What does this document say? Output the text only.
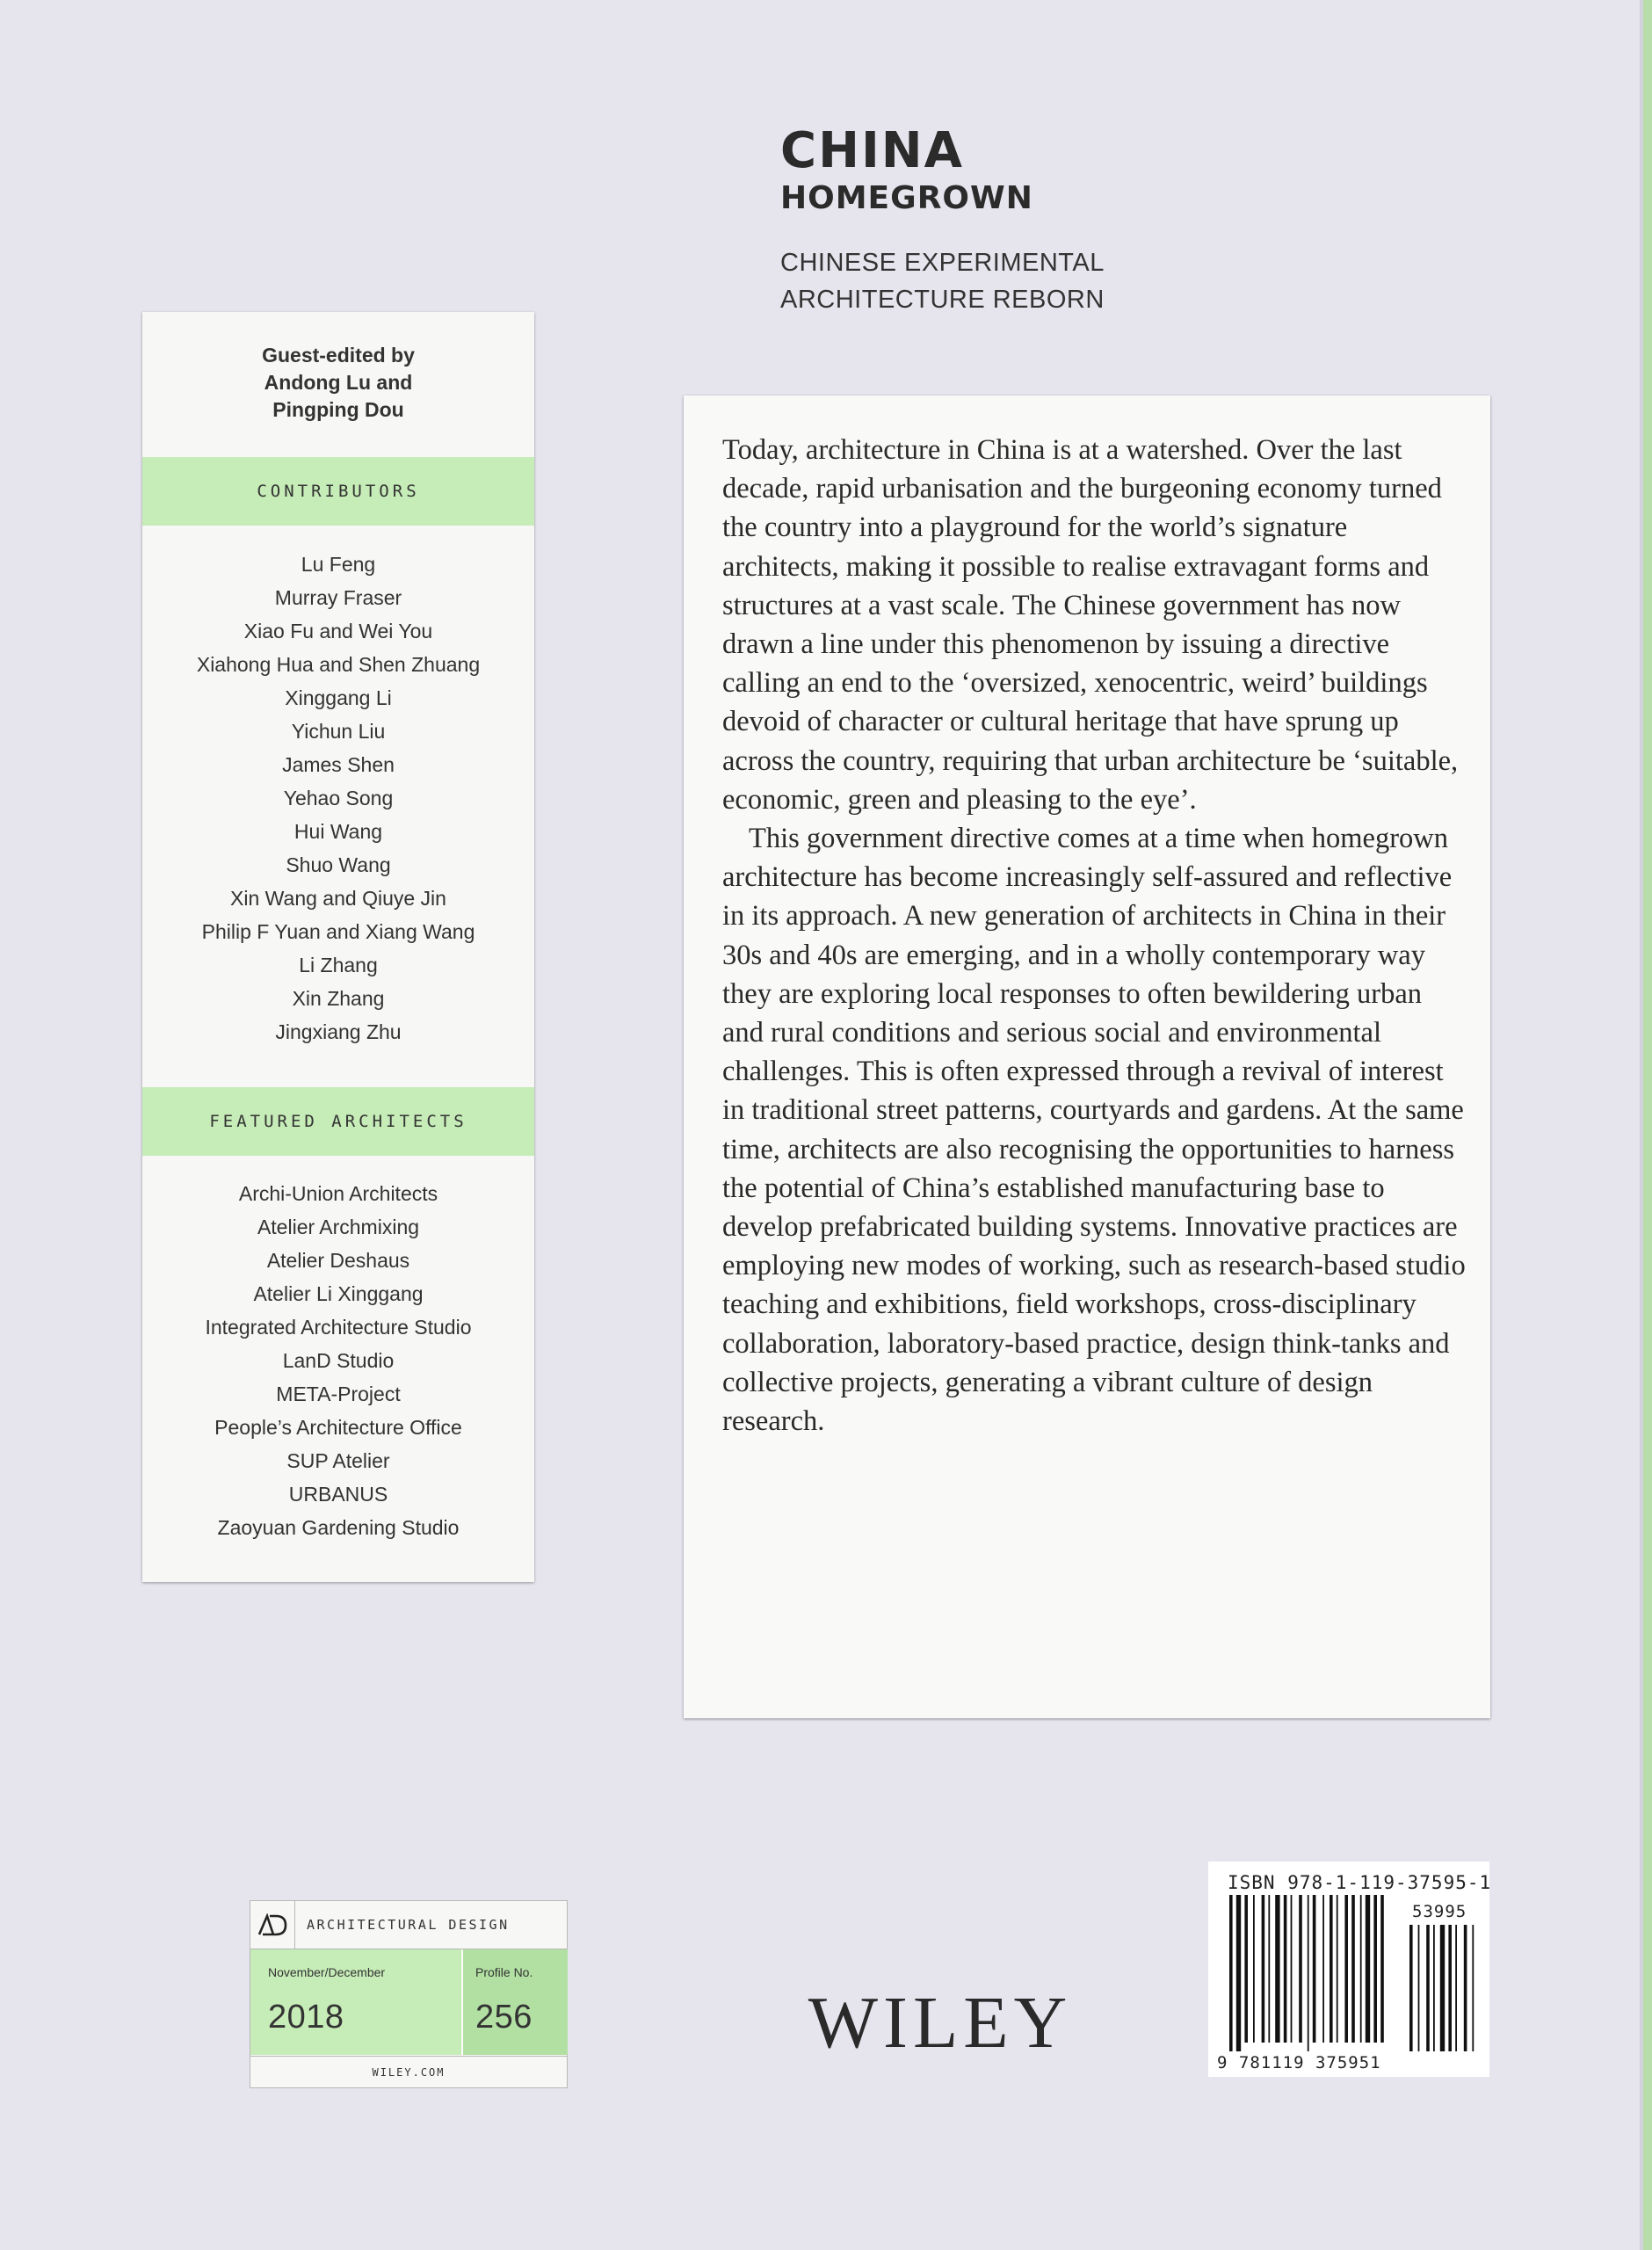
CHINA
HOMEGROWN
CHINESE EXPERIMENTAL
ARCHITECTURE REBORN
Guest-edited by
Andong Lu and
Pingping Dou
CONTRIBUTORS
Lu Feng
Murray Fraser
Xiao Fu and Wei You
Xiahong Hua and Shen Zhuang
Xinggang Li
Yichun Liu
James Shen
Yehao Song
Hui Wang
Shuo Wang
Xin Wang and Qiuye Jin
Philip F Yuan and Xiang Wang
Li Zhang
Xin Zhang
Jingxiang Zhu
FEATURED ARCHITECTS
Archi-Union Architects
Atelier Archmixing
Atelier Deshaus
Atelier Li Xinggang
Integrated Architecture Studio
LanD Studio
META-Project
People’s Architecture Office
SUP Atelier
URBANUS
Zaoyuan Gardening Studio

Today, architecture in China is at a watershed. Over the last decade, rapid urbanisation and the burgeoning economy turned the country into a playground for the world’s signature architects, making it possible to realise extravagant forms and structures at a vast scale. The Chinese government has now drawn a line under this phenomenon by issuing a directive calling an end to the ‘oversized, xenocentric, weird’ buildings devoid of character or cultural heritage that have sprung up across the country, requiring that urban architecture be ‘suitable, economic, green and pleasing to the eye’.

This government directive comes at a time when homegrown architecture has become increasingly self-assured and reflective in its approach. A new generation of architects in China in their 30s and 40s are emerging, and in a wholly contemporary way they are exploring local responses to often bewildering urban and rural conditions and serious social and environmental challenges. This is often expressed through a revival of interest in traditional street patterns, courtyards and gardens. At the same time, architects are also recognising the opportunities to harness the potential of China’s established manufacturing base to develop prefabricated building systems. Innovative practices are employing new modes of working, such as research-based studio teaching and exhibitions, field workshops, cross-disciplinary collaboration, laboratory-based practice, design think-tanks and collective projects, generating a vibrant culture of design research.

ARCHITECTURAL DESIGN
November/December
2018
Profile No.
256
WILEY.COM
WILEY
ISBN 978-1-119-37595-1
53995
9 781119 375951
